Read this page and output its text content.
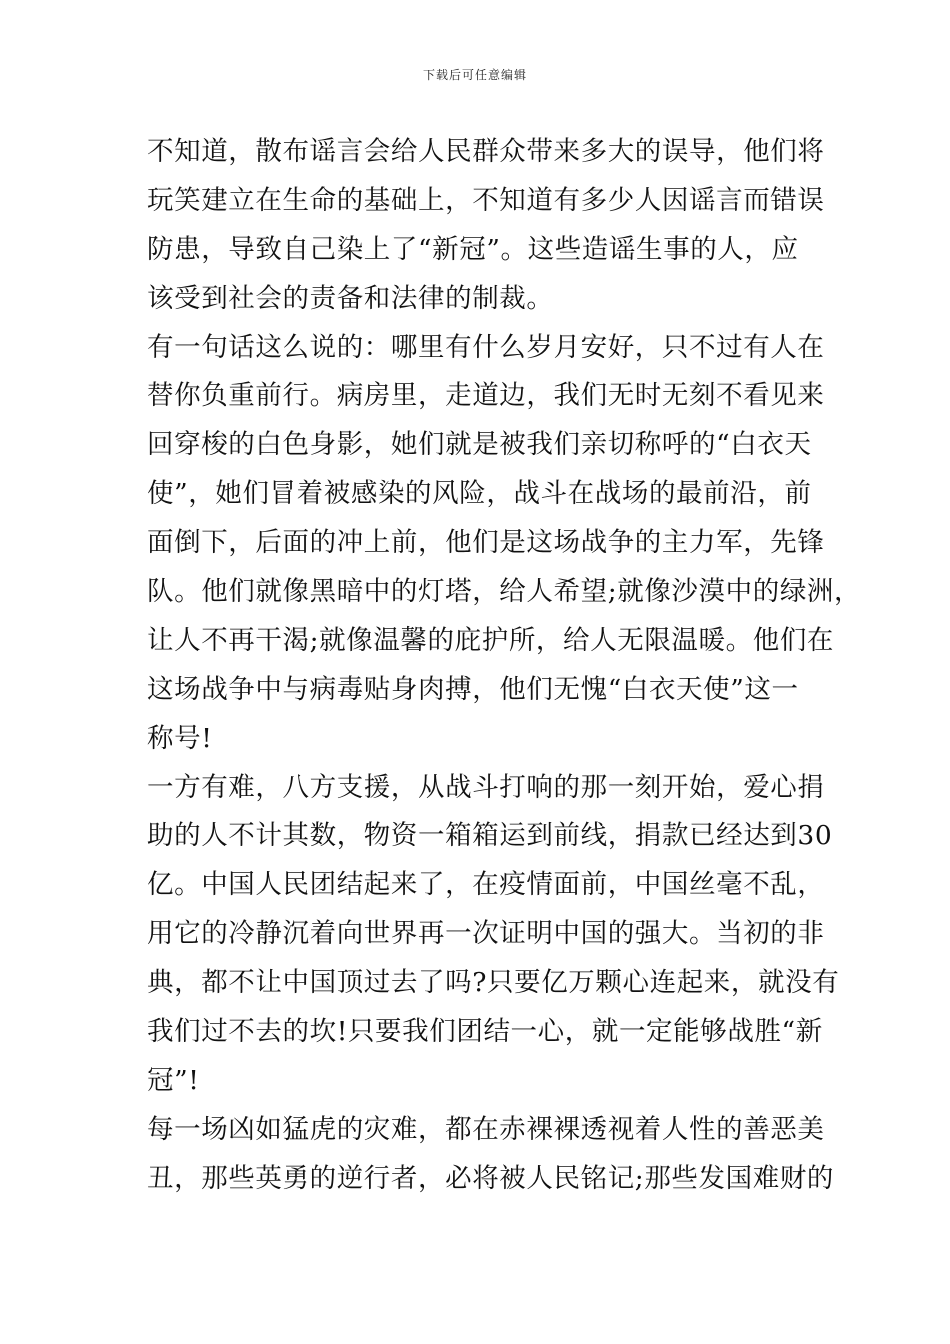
下载后可任意编辑
不知道，散布谣言会给人民群众带来多大的误导，他们将
玩笑建立在生命的基础上，不知道有多少人因谣言而错误
防患，导致自己染上了“新冠”。这些造谣生事的人，应
该受到社会的责备和法律的制裁。
有一句话这么说的：哪里有什么岁月安好，只不过有人在
替你负重前行。病房里，走道边，我们无时无刻不看见来
回穿梭的白色身影，她们就是被我们亲切称呼的“白衣天
使”，她们冒着被感染的风险，战斗在战场的最前沿，前
面倒下，后面的冲上前，他们是这场战争的主力军，先锋
队。他们就像黑暗中的灯塔，给人希望;就像沙漠中的绿洲，
让人不再干渴;就像温馨的庇护所，给人无限温暖。他们在
这场战争中与病毒贴身肉搏，他们无愧“白衣天使”这一
称号!
一方有难，八方支援，从战斗打响的那一刻开始，爱心捐
助的人不计其数，物资一箱箱运到前线，捐款已经达到30
亿。中国人民团结起来了，在疫情面前，中国丝毫不乱，
用它的冷静沉着向世界再一次证明中国的强大。当初的非
典，都不让中国顶过去了吗?只要亿万颗心连起来，就没有
我们过不去的坎!只要我们团结一心，就一定能够战胜“新
冠”!
每一场凶如猛虎的灾难，都在赤裸裸透视着人性的善恶美
丑，那些英勇的逆行者，必将被人民铭记;那些发国难财的
